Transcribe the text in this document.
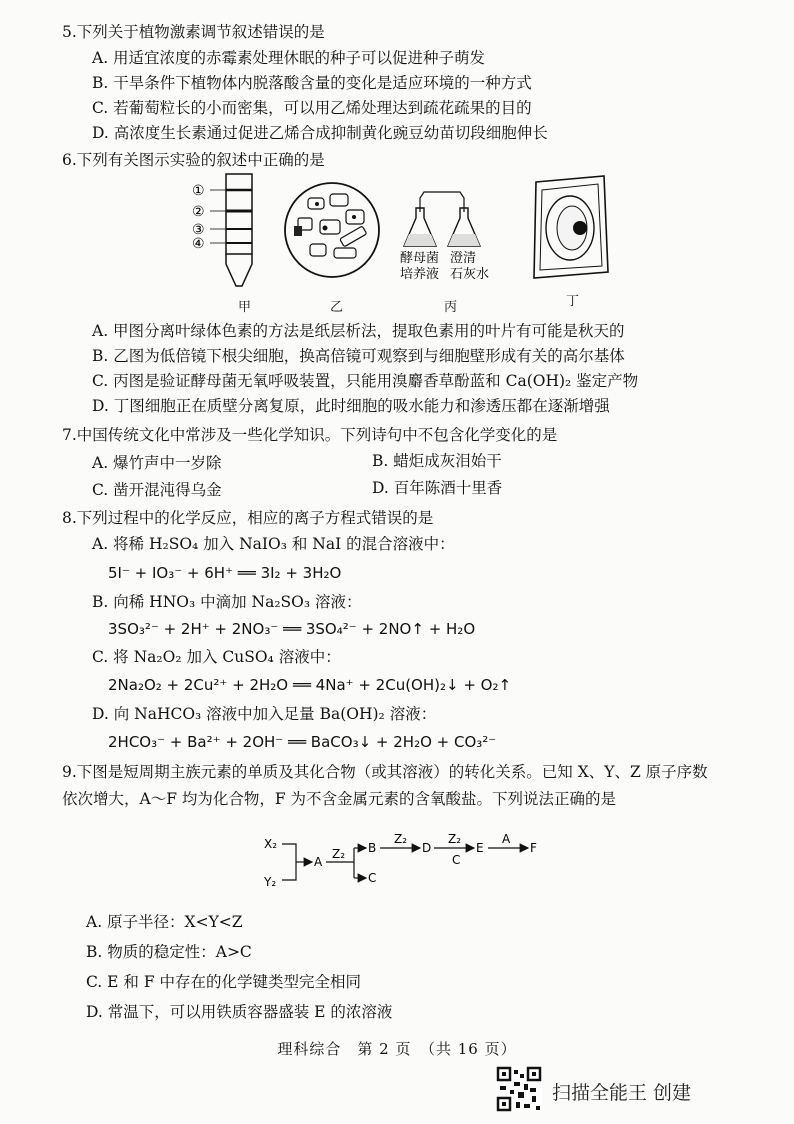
5.下列关于植物激素调节叙述错误的是
A. 用适宜浓度的赤霉素处理休眠的种子可以促进种子萌发
B. 干旱条件下植物体内脱落酸含量的变化是适应环境的一种方式
C. 若葡萄粒长的小而密集，可以用乙烯处理达到疏花疏果的目的
D. 高浓度生长素通过促进乙烯合成抑制黄化豌豆幼苗切段细胞伸长
6.下列有关图示实验的叙述中正确的是
①
②
③
④
酵母菌
培养液
澄清
石灰水
甲	乙	丙	丁
A. 甲图分离叶绿体色素的方法是纸层析法，提取色素用的叶片有可能是秋天的
B. 乙图为低倍镜下根尖细胞，换高倍镜可观察到与细胞壁形成有关的高尔基体
C. 丙图是验证酵母菌无氧呼吸装置，只能用溴麝香草酚蓝和 Ca(OH)₂ 鉴定产物
D. 丁图细胞正在质壁分离复原，此时细胞的吸水能力和渗透压都在逐渐增强
7.中国传统文化中常涉及一些化学知识。下列诗句中不包含化学变化的是
A. 爆竹声中一岁除	B. 蜡炬成灰泪始干
C. 凿开混沌得乌金	D. 百年陈酒十里香
8.下列过程中的化学反应，相应的离子方程式错误的是
A. 将稀 H₂SO₄ 加入 NaIO₃ 和 NaI 的混合溶液中：
5I⁻ + IO₃⁻ + 6H⁺ ══ 3I₂ + 3H₂O
B. 向稀 HNO₃ 中滴加 Na₂SO₃ 溶液：
3SO₃²⁻ + 2H⁺ + 2NO₃⁻ ══ 3SO₄²⁻ + 2NO↑ + H₂O
C. 将 Na₂O₂ 加入 CuSO₄ 溶液中：
2Na₂O₂ + 2Cu²⁺ + 2H₂O ══ 4Na⁺ + 2Cu(OH)₂↓ + O₂↑
D. 向 NaHCO₃ 溶液中加入足量 Ba(OH)₂ 溶液：
2HCO₃⁻ + Ba²⁺ + 2OH⁻ ══ BaCO₃↓ + 2H₂O + CO₃²⁻
9.下图是短周期主族元素的单质及其化合物（或其溶液）的转化关系。已知 X、Y、Z 原子序数
依次增大，A～F 均为化合物，F 为不含金属元素的含氧酸盐。下列说法正确的是
X₂
Y₂
A
Z₂ B
C
Z₂
D
Z₂
C
E
A
F
A. 原子半径：X<Y<Z
B. 物质的稳定性：A>C
C. E 和 F 中存在的化学键类型完全相同
D. 常温下，可以用铁质容器盛装 E 的浓溶液
理科综合　第 2 页　（共 16 页）
扫描全能王 创建
